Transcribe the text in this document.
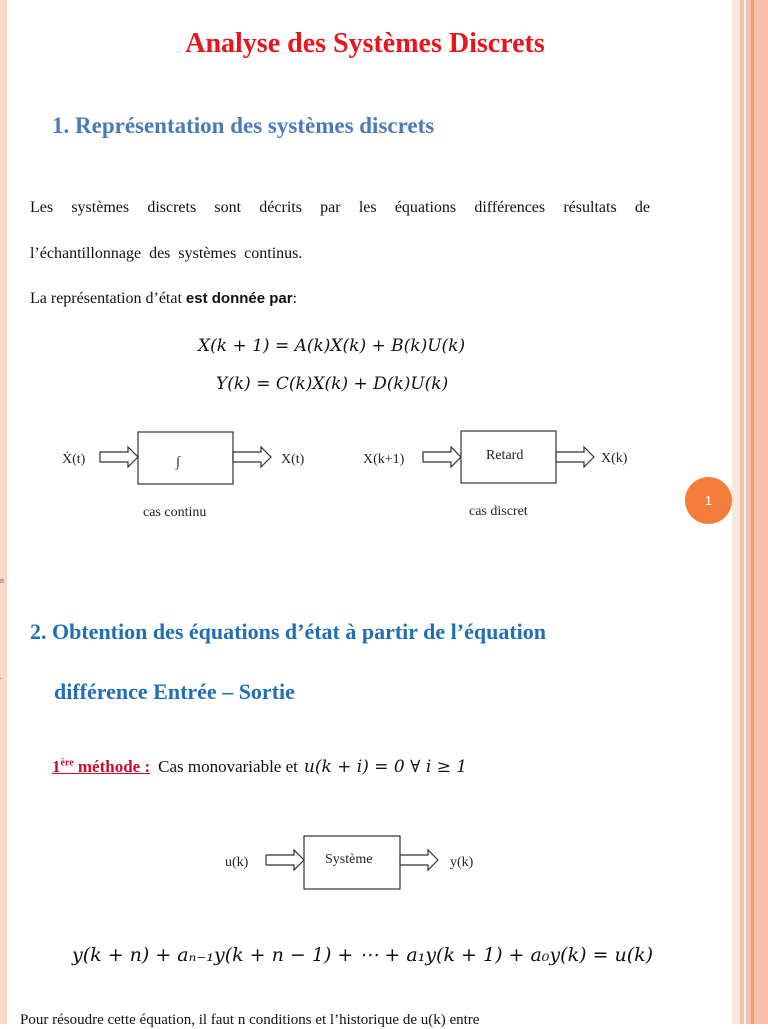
Analyse des Systèmes Discrets
1. Représentation des systèmes discrets
Les systèmes discrets sont décrits par les équations différences résultats de
l’échantillonnage des systèmes continus.
La représentation d’état est donnée par:
X(k + 1) = A(k)X(k) + B(k)U(k)
Y(k) = C(k)X(k) + D(k)U(k)
Ẋ(t)	∫	X(t)
cas continu
X(k+1)	Retard	X(k)
cas discret
u(k)	Système	y(k)
1
n
.
2. Obtention des équations d’état à partir de l’équation
différence Entrée – Sortie
1ère méthode : Cas monovariable et u(k + i) = 0 ∀ i ≥ 1
y(k + n) + aₙ₋₁y(k + n − 1) + ⋯ + a₁y(k + 1) + a₀y(k) = u(k)
Pour résoudre cette équation, il faut n conditions et l’historique de u(k) entre
